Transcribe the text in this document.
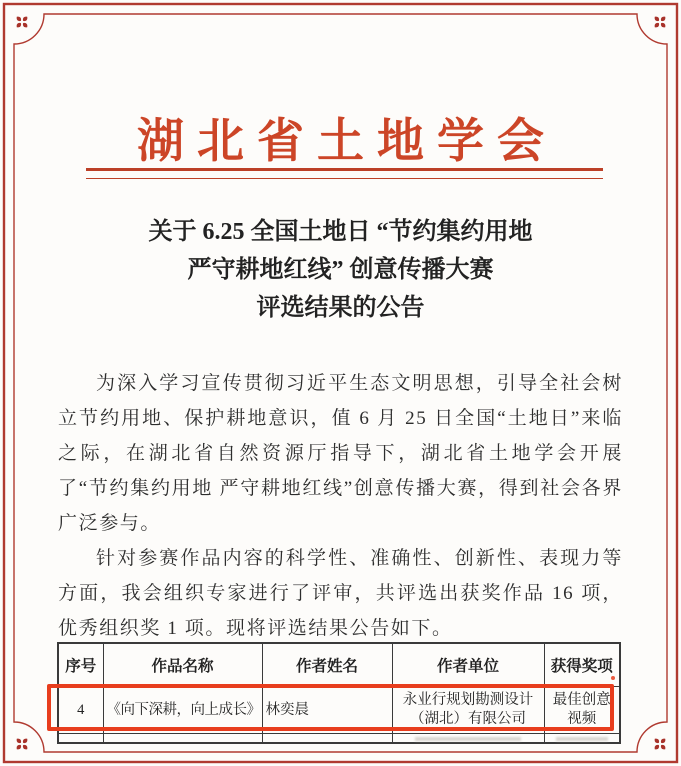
湖北省土地学会
关于 6.25 全国土地日 “节约集约用地
严守耕地红线” 创意传播大赛
评选结果的公告

为深入学习宣传贯彻习近平生态文明思想，引导全社会树立节约用地、保护耕地意识，值 6 月 25 日全国“土地日”来临之际，在湖北省自然资源厅指导下，湖北省土地学会开展了“节约集约用地 严守耕地红线”创意传播大赛，得到社会各界广泛参与。

针对参赛作品内容的科学性、准确性、创新性、表现力等方面，我会组织专家进行了评审，共评选出获奖作品 16 项，优秀组织奖 1 项。现将评选结果公告如下。

序号	作品名称	作者姓名	作者单位	获得奖项
4	《向下深耕，向上成长》	林奕晨	永业行规划勘测设计（湖北）有限公司	最佳创意视频
